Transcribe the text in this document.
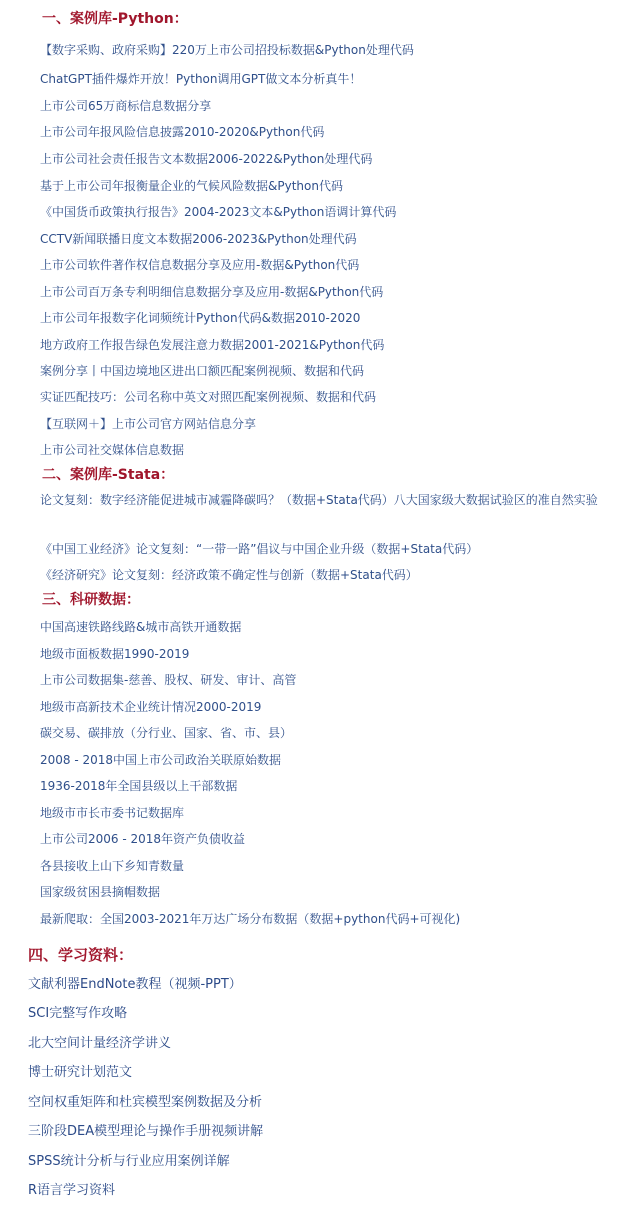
一、案例库-Python：
【数字采购、政府采购】220万上市公司招投标数据&Python处理代码
ChatGPT插件爆炸开放！Python调用GPT做文本分析真牛！
上市公司65万商标信息数据分享
上市公司年报风险信息披露2010-2020&Python代码
上市公司社会责任报告文本数据2006-2022&Python处理代码
基于上市公司年报衡量企业的气候风险数据&Python代码
《中国货币政策执行报告》2004-2023文本&Python语调计算代码
CCTV新闻联播日度文本数据2006-2023&Python处理代码
上市公司软件著作权信息数据分享及应用-数据&Python代码
上市公司百万条专利明细信息数据分享及应用-数据&Python代码
上市公司年报数字化词频统计Python代码&数据2010-2020
地方政府工作报告绿色发展注意力数据2001-2021&Python代码
案例分享丨中国边境地区进出口额匹配案例视频、数据和代码
实证匹配技巧：公司名称中英文对照匹配案例视频、数据和代码
【互联网＋】上市公司官方网站信息分享
上市公司社交媒体信息数据
二、案例库-Stata：
论文复刻：数字经济能促进城市减霾降碳吗？（数据+Stata代码）八大国家级大数据试验区的准自然实验
《中国工业经济》论文复刻：“一带一路”倡议与中国企业升级（数据+Stata代码）
《经济研究》论文复刻：经济政策不确定性与创新（数据+Stata代码）
三、科研数据：
中国高速铁路线路&城市高铁开通数据
地级市面板数据1990-2019
上市公司数据集-慈善、股权、研发、审计、高管
地级市高新技术企业统计情况2000-2019
碳交易、碳排放（分行业、国家、省、市、县）
2008 - 2018中国上市公司政治关联原始数据
1936-2018年全国县级以上干部数据
地级市市长市委书记数据库
上市公司2006 - 2018年资产负债收益
各县接收上山下乡知青数量
国家级贫困县摘帽数据
最新爬取：全国2003-2021年万达广场分布数据（数据+python代码+可视化)
四、学习资料：
文献利器EndNote教程（视频-PPT）
SCI完整写作攻略
北大空间计量经济学讲义
博士研究计划范文
空间权重矩阵和杜宾模型案例数据及分析
三阶段DEA模型理论与操作手册视频讲解
SPSS统计分析与行业应用案例详解
R语言学习资料
